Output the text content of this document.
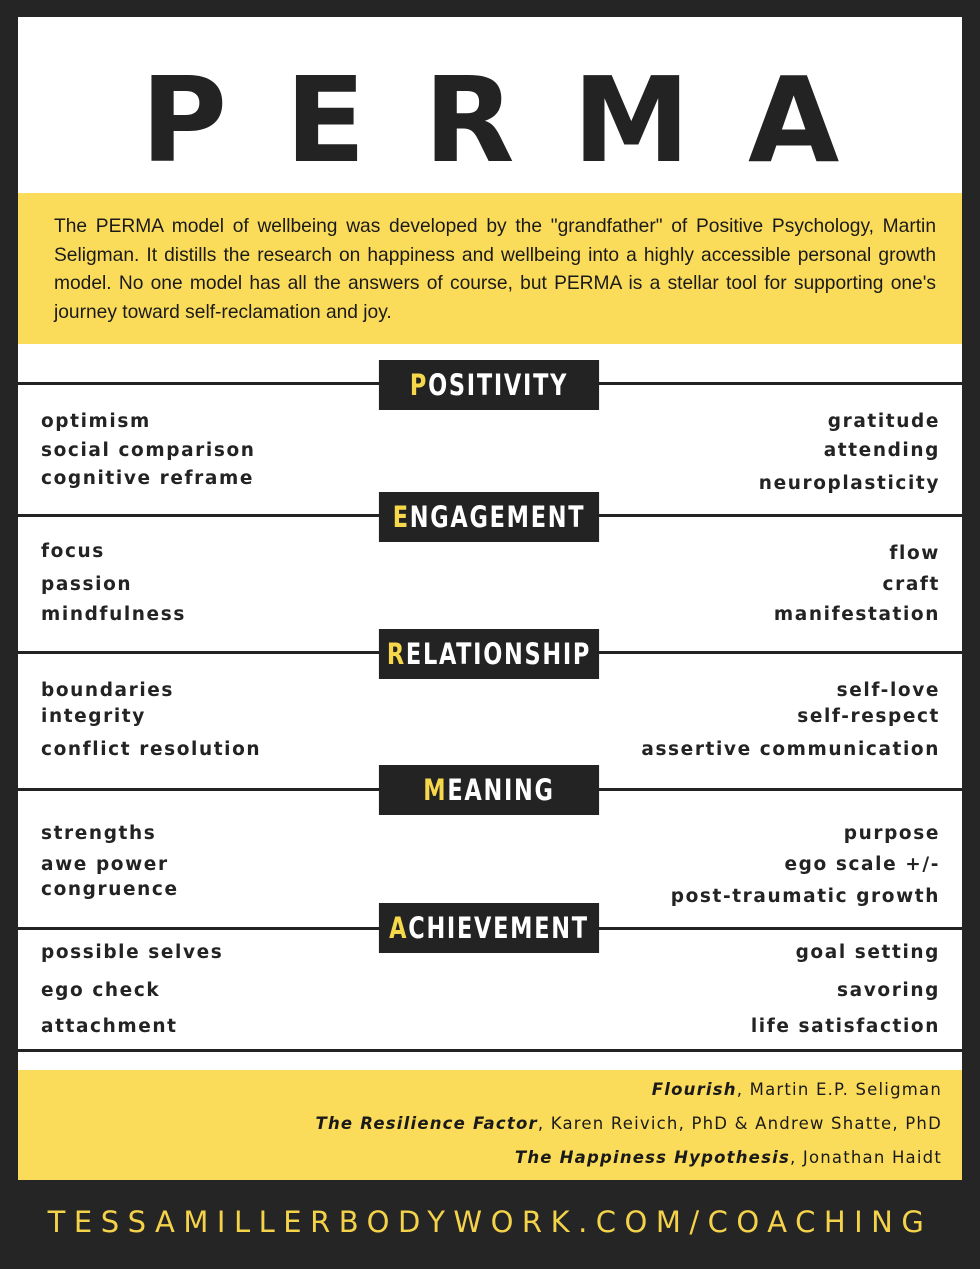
PERMA

The PERMA model of wellbeing was developed by the "grandfather" of Positive Psychology, Martin Seligman. It distills the research on happiness and wellbeing into a highly accessible personal growth model. No one model has all the answers of course, but PERMA is a stellar tool for supporting one's journey toward self-reclamation and joy.

POSITIVITY
optimism
social comparison
cognitive reframe
gratitude
attending
neuroplasticity
ENGAGEMENT
focus
passion
mindfulness
flow
craft
manifestation
RELATIONSHIP
boundaries
integrity
conflict resolution
self-love
self-respect
assertive communication
MEANING
strengths
awe power
congruence
purpose
ego scale +/-
post-traumatic growth
ACHIEVEMENT
possible selves
ego check
attachment
goal setting
savoring
life satisfaction
Flourish, Martin E.P. Seligman
The Resilience Factor, Karen Reivich, PhD & Andrew Shatte, PhD
The Happiness Hypothesis, Jonathan Haidt
TESSAMILLERBODYWORK.COM/COACHING
